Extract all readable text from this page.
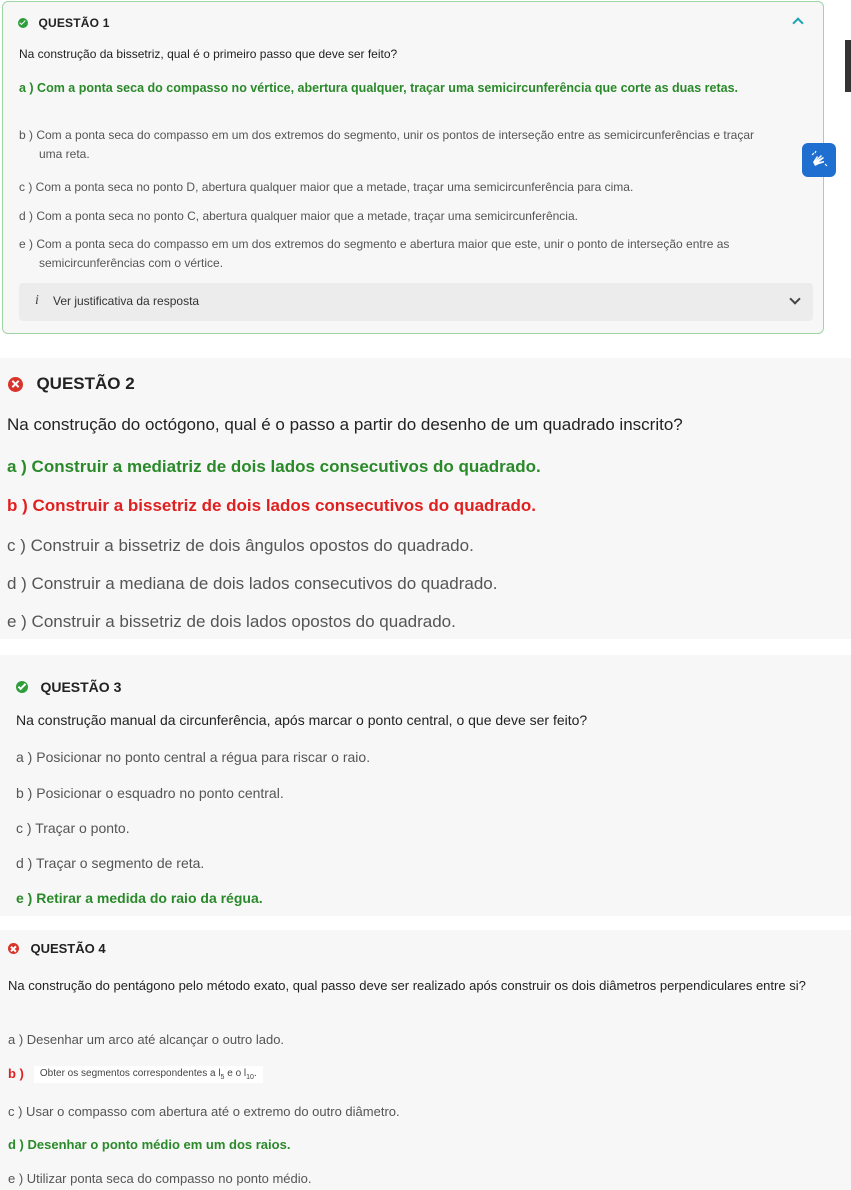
QUESTÃO 1
Na construção da bissetriz, qual é o primeiro passo que deve ser feito?
a ) Com a ponta seca do compasso no vértice, abertura qualquer, traçar uma semicircunferência que corte as duas retas.
b ) Com a ponta seca do compasso em um dos extremos do segmento, unir os pontos de interseção entre as semicircunferências e traçar uma reta.
c ) Com a ponta seca no ponto D, abertura qualquer maior que a metade, traçar uma semicircunferência para cima.
d ) Com a ponta seca no ponto C, abertura qualquer maior que a metade, traçar uma semicircunferência.
e ) Com a ponta seca do compasso em um dos extremos do segmento e abertura maior que este, unir o ponto de interseção entre as semicircunferências com o vértice.
i Ver justificativa da resposta
QUESTÃO 2
Na construção do octógono, qual é o passo a partir do desenho de um quadrado inscrito?
a ) Construir a mediatriz de dois lados consecutivos do quadrado.
b ) Construir a bissetriz de dois lados consecutivos do quadrado.
c ) Construir a bissetriz de dois ângulos opostos do quadrado.
d ) Construir a mediana de dois lados consecutivos do quadrado.
e ) Construir a bissetriz de dois lados opostos do quadrado.
QUESTÃO 3
Na construção manual da circunferência, após marcar o ponto central, o que deve ser feito?
a ) Posicionar no ponto central a régua para riscar o raio.
b ) Posicionar o esquadro no ponto central.
c ) Traçar o ponto.
d ) Traçar o segmento de reta.
e ) Retirar a medida do raio da régua.
QUESTÃO 4
Na construção do pentágono pelo método exato, qual passo deve ser realizado após construir os dois diâmetros perpendiculares entre si?
a ) Desenhar um arco até alcançar o outro lado.
b ) Obter os segmentos correspondentes a $l_5$ e o $l_{10}$.
c ) Usar o compasso com abertura até o extremo do outro diâmetro.
d ) Desenhar o ponto médio em um dos raios.
e ) Utilizar ponta seca do compasso no ponto médio.
